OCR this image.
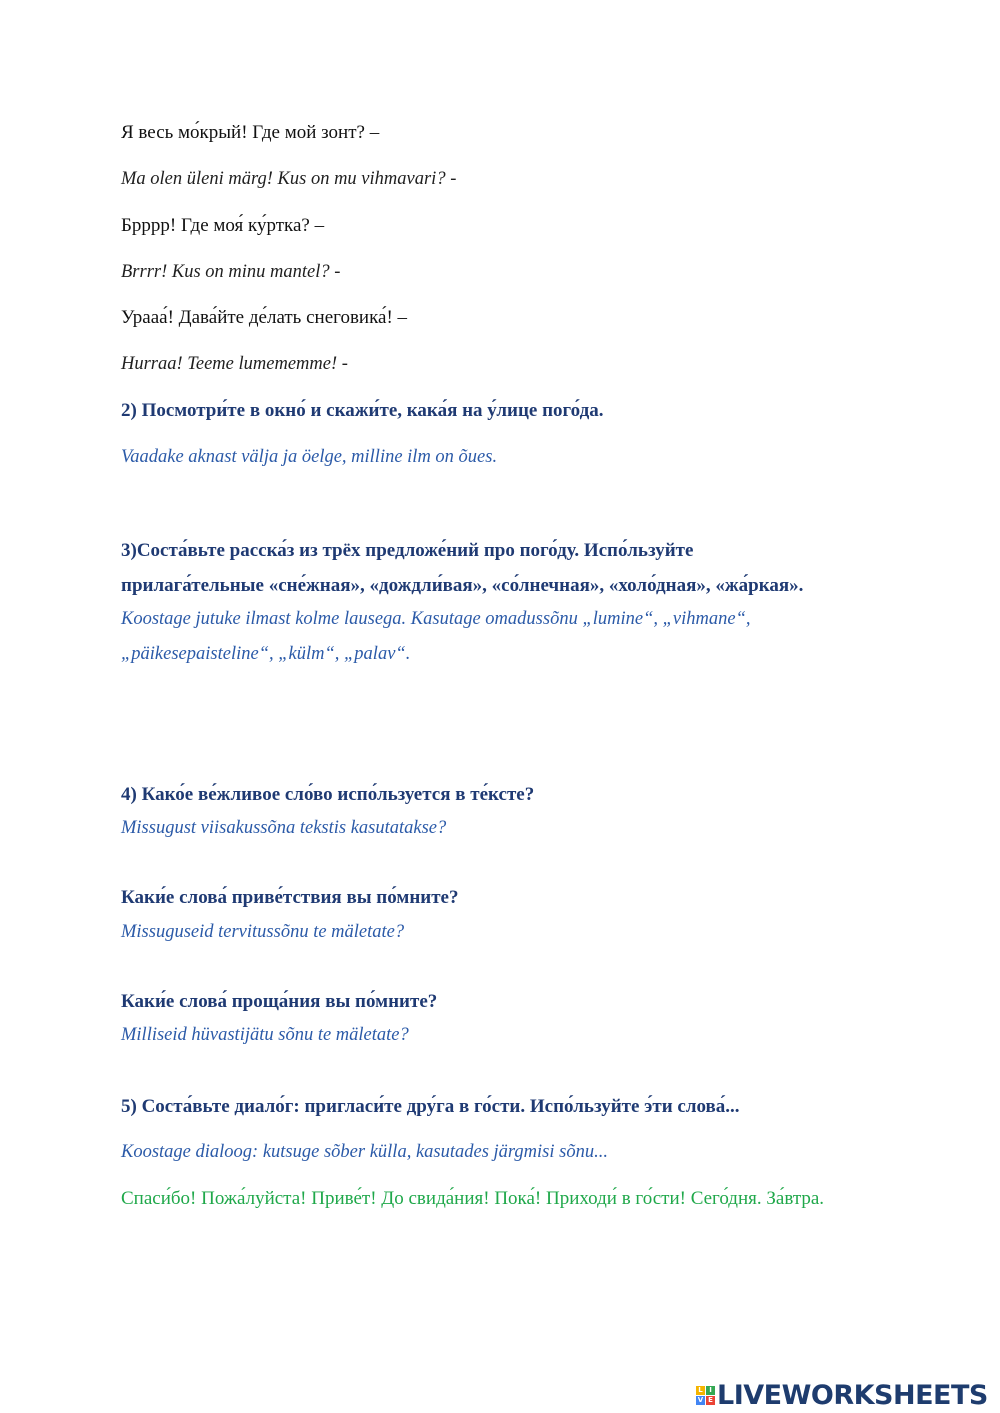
Я весь мо́крый! Где мой зонт? –
Ma olen üleni märg! Kus on mu vihmavari? -
Брррр! Где моя́ ку́ртка? –
Brrrr! Kus on minu mantel? -
Урааа́! Дава́йте де́лать снеговика́! –
Hurraa! Teeme lumememme! -
2) Посмотри́те в окно́ и скажи́те, кака́я на у́лице пого́да.
Vaadake aknast välja ja öelge, milline ilm on õues.
3)Соста́вьте расска́з из трёх предложе́ний про пого́ду. Испо́льзуйте
прилага́тельные «сне́жная», «дождли́вая», «со́лнечная», «холо́дная», «жа́ркая».
Koostage jutuke ilmast kolme lausega. Kasutage omadussõnu „lumine“, „vihmane“,
„päikesepaisteline“, „külm“, „palav“.
4) Како́е ве́жливое сло́во испо́льзуется в те́ксте?
Missugust viisakussõna tekstis kasutatakse?
Каки́е слова́ приве́тствия вы по́мните?
Missuguseid tervitussõnu te mäletate?
Каки́е слова́ проща́ния вы по́мните?
Milliseid hüvastijätu sõnu te mäletate?
5) Соста́вьте диало́г: пригласи́те дру́га в го́сти. Испо́льзуйте э́ти слова́...
Koostage dialoog: kutsuge sõber külla, kasutades järgmisi sõnu...
Спаси́бо! Пожа́луйста! Приве́т! До свида́ния! Пока́! Приходи́ в го́сти! Сего́дня. За́втра.
L I
V E LIVEWORKSHEETS
